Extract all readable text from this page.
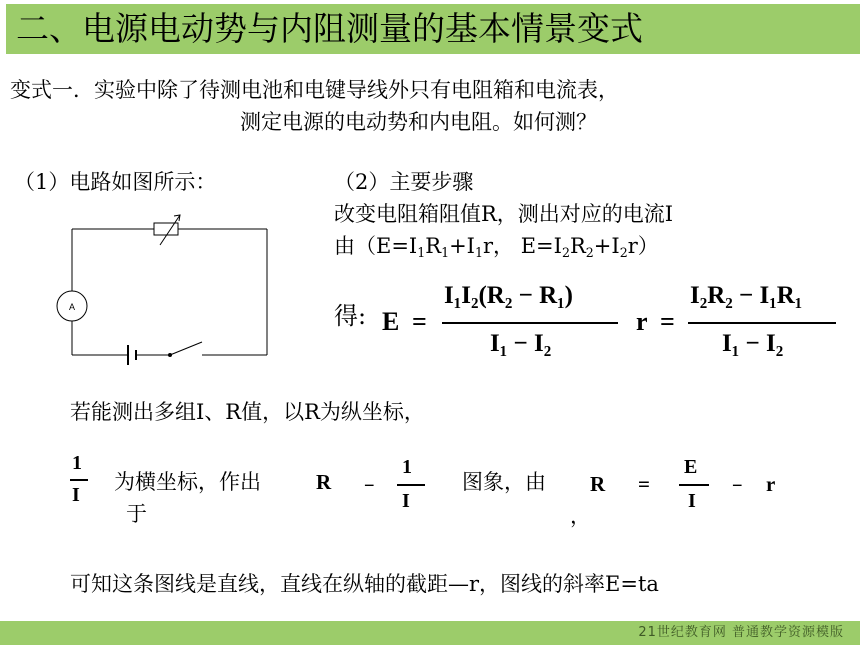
二、电源电动势与内阻测量的基本情景变式
变式一．实验中除了待测电池和电键导线外只有电阻箱和电流表，
测定电源的电动势和内电阻。如何测？
（1）电路如图所示：
A
（2）主要步骤
改变电阻箱阻值R，测出对应的电流I
由（$E=I_1R_1+I_1r$， $E=I_2R_2+I_2r$）
得: E =
I₁I₂(R₂ − R₁)
I₁ − I₂
r =
I₂R₂ − I₁R₁
I₁ − I₂
若能测出多组I、R值，以R为纵坐标，
1
I
为横坐标，作出
于
R –
1
I
图象，由 R
，
=
E
I
– r
可知这条图线是直线，直线在纵轴的截距—r，图线的斜率E=ta
21世纪教育网 普通教学资源模版
